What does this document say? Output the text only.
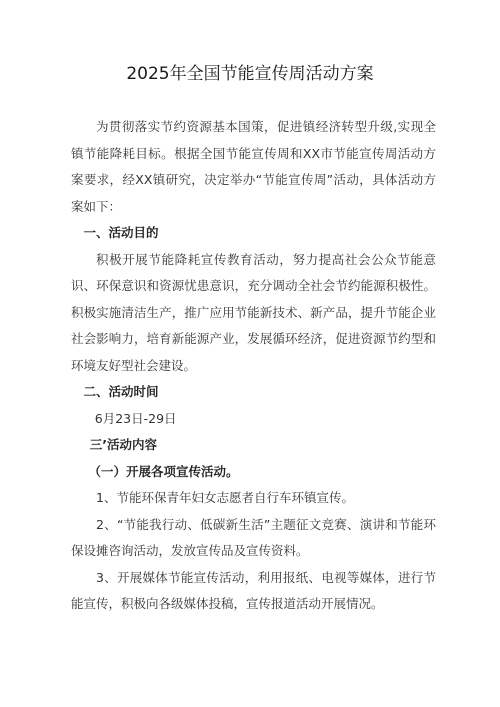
2025年全国节能宣传周活动方案

为贯彻落实节约资源基本国策，促进镇经济转型升级,实现全镇节能降耗目标。根据全国节能宣传周和XX市节能宣传周活动方案要求，经XX镇研究，决定举办“节能宣传周”活动，具体活动方案如下：

一、活动目的

积极开展节能降耗宣传教育活动，努力提高社会公众节能意识、环保意识和资源忧患意识，充分调动全社会节约能源积极性。积极实施清洁生产，推广应用节能新技术、新产品，提升节能企业社会影响力，培育新能源产业，发展循环经济，促进资源节约型和环境友好型社会建设。

二、活动时间

6月23日-29日

三’活动内容

（一）开展各项宣传活动。

1、节能环保青年妇女志愿者自行车环镇宣传。

2、“节能我行动、低碳新生活”主题征文竞赛、演讲和节能环保设摊咨询活动，发放宣传品及宣传资料。

3、开展媒体节能宣传活动，利用报纸、电视等媒体，进行节能宣传，积极向各级媒体投稿，宣传报道活动开展情况。
